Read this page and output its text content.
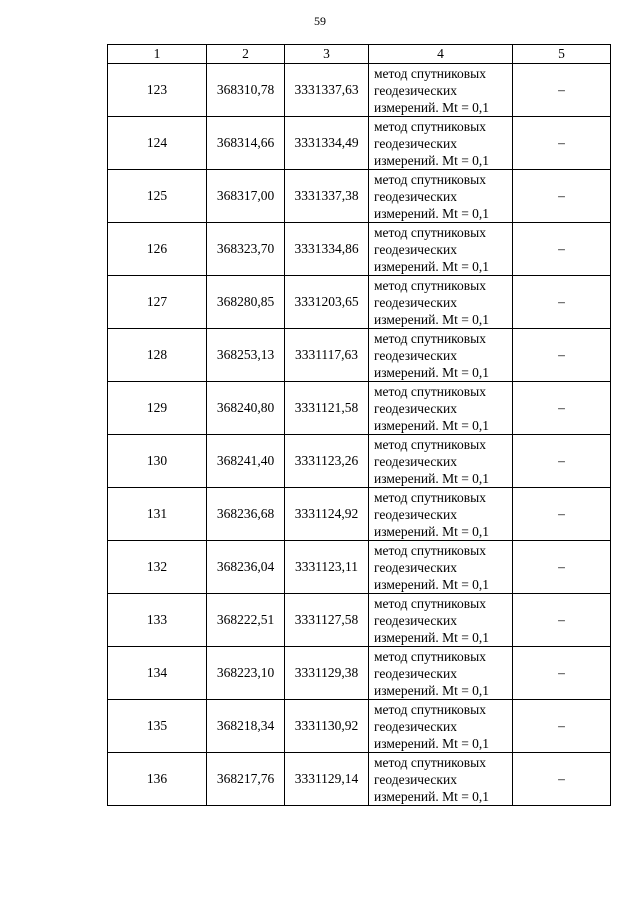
59
1	2	3	4	5
123	368310,78	3331337,63	метод спутниковых
геодезических
измерений. Mt = 0,1	–
124	368314,66	3331334,49	метод спутниковых
геодезических
измерений. Mt = 0,1	–
125	368317,00	3331337,38	метод спутниковых
геодезических
измерений. Mt = 0,1	–
126	368323,70	3331334,86	метод спутниковых
геодезических
измерений. Mt = 0,1	–
127	368280,85	3331203,65	метод спутниковых
геодезических
измерений. Mt = 0,1	–
128	368253,13	3331117,63	метод спутниковых
геодезических
измерений. Mt = 0,1	–
129	368240,80	3331121,58	метод спутниковых
геодезических
измерений. Mt = 0,1	–
130	368241,40	3331123,26	метод спутниковых
геодезических
измерений. Mt = 0,1	–
131	368236,68	3331124,92	метод спутниковых
геодезических
измерений. Mt = 0,1	–
132	368236,04	3331123,11	метод спутниковых
геодезических
измерений. Mt = 0,1	–
133	368222,51	3331127,58	метод спутниковых
геодезических
измерений. Mt = 0,1	–
134	368223,10	3331129,38	метод спутниковых
геодезических
измерений. Mt = 0,1	–
135	368218,34	3331130,92	метод спутниковых
геодезических
измерений. Mt = 0,1	–
136	368217,76	3331129,14	метод спутниковых
геодезических
измерений. Mt = 0,1	–
